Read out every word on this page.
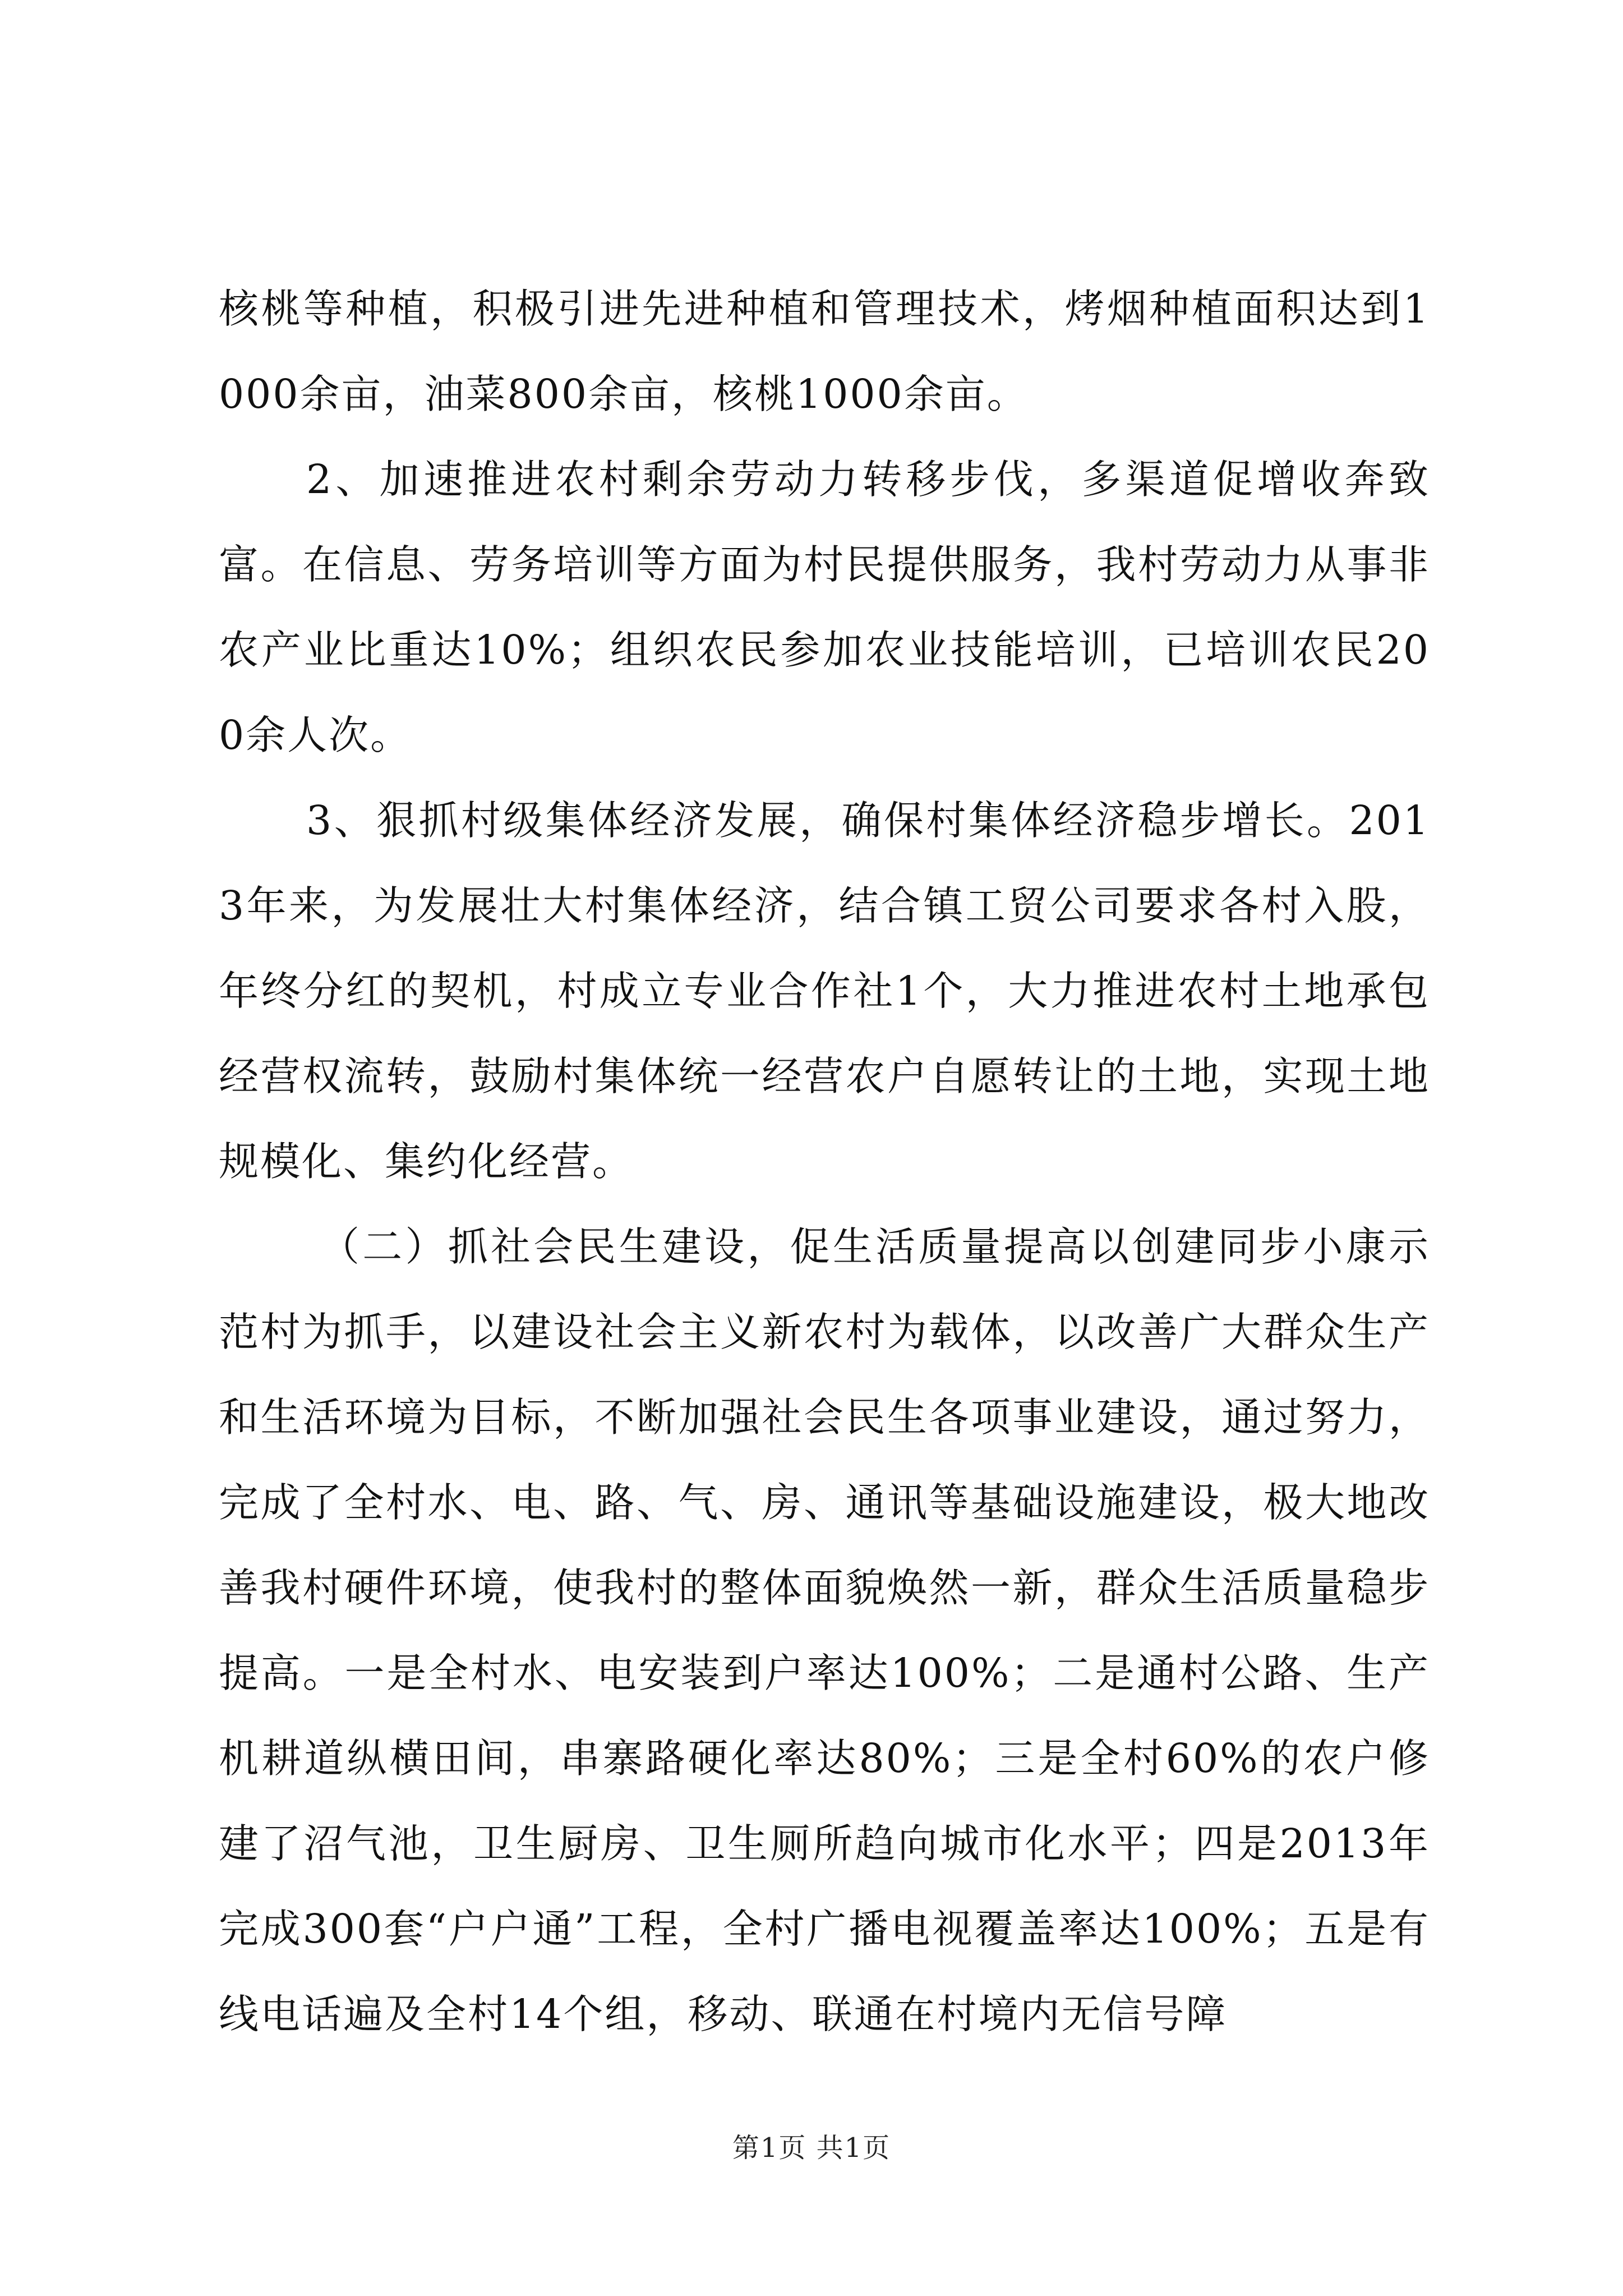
核桃等种植，积极引进先进种植和管理技术，烤烟种植面积达到1000余亩，油菜800余亩，核桃1000余亩。

2、加速推进农村剩余劳动力转移步伐，多渠道促增收奔致富。在信息、劳务培训等方面为村民提供服务，我村劳动力从事非农产业比重达10%；组织农民参加农业技能培训，已培训农民200余人次。

3、狠抓村级集体经济发展，确保村集体经济稳步增长。2013年来，为发展壮大村集体经济，结合镇工贸公司要求各村入股，年终分红的契机，村成立专业合作社1个，大力推进农村土地承包经营权流转，鼓励村集体统一经营农户自愿转让的土地，实现土地规模化、集约化经营。

（二）抓社会民生建设，促生活质量提高以创建同步小康示范村为抓手，以建设社会主义新农村为载体，以改善广大群众生产和生活环境为目标，不断加强社会民生各项事业建设，通过努力，完成了全村水、电、路、气、房、通讯等基础设施建设，极大地改善我村硬件环境，使我村的整体面貌焕然一新，群众生活质量稳步提高。一是全村水、电安装到户率达100%；二是通村公路、生产机耕道纵横田间，串寨路硬化率达80%；三是全村60%的农户修建了沼气池，卫生厨房、卫生厕所趋向城市化水平；四是2013年完成300套“户户通”工程，全村广播电视覆盖率达100%；五是有线电话遍及全村14个组，移动、联通在村境内无信号障

第1页 共1页
